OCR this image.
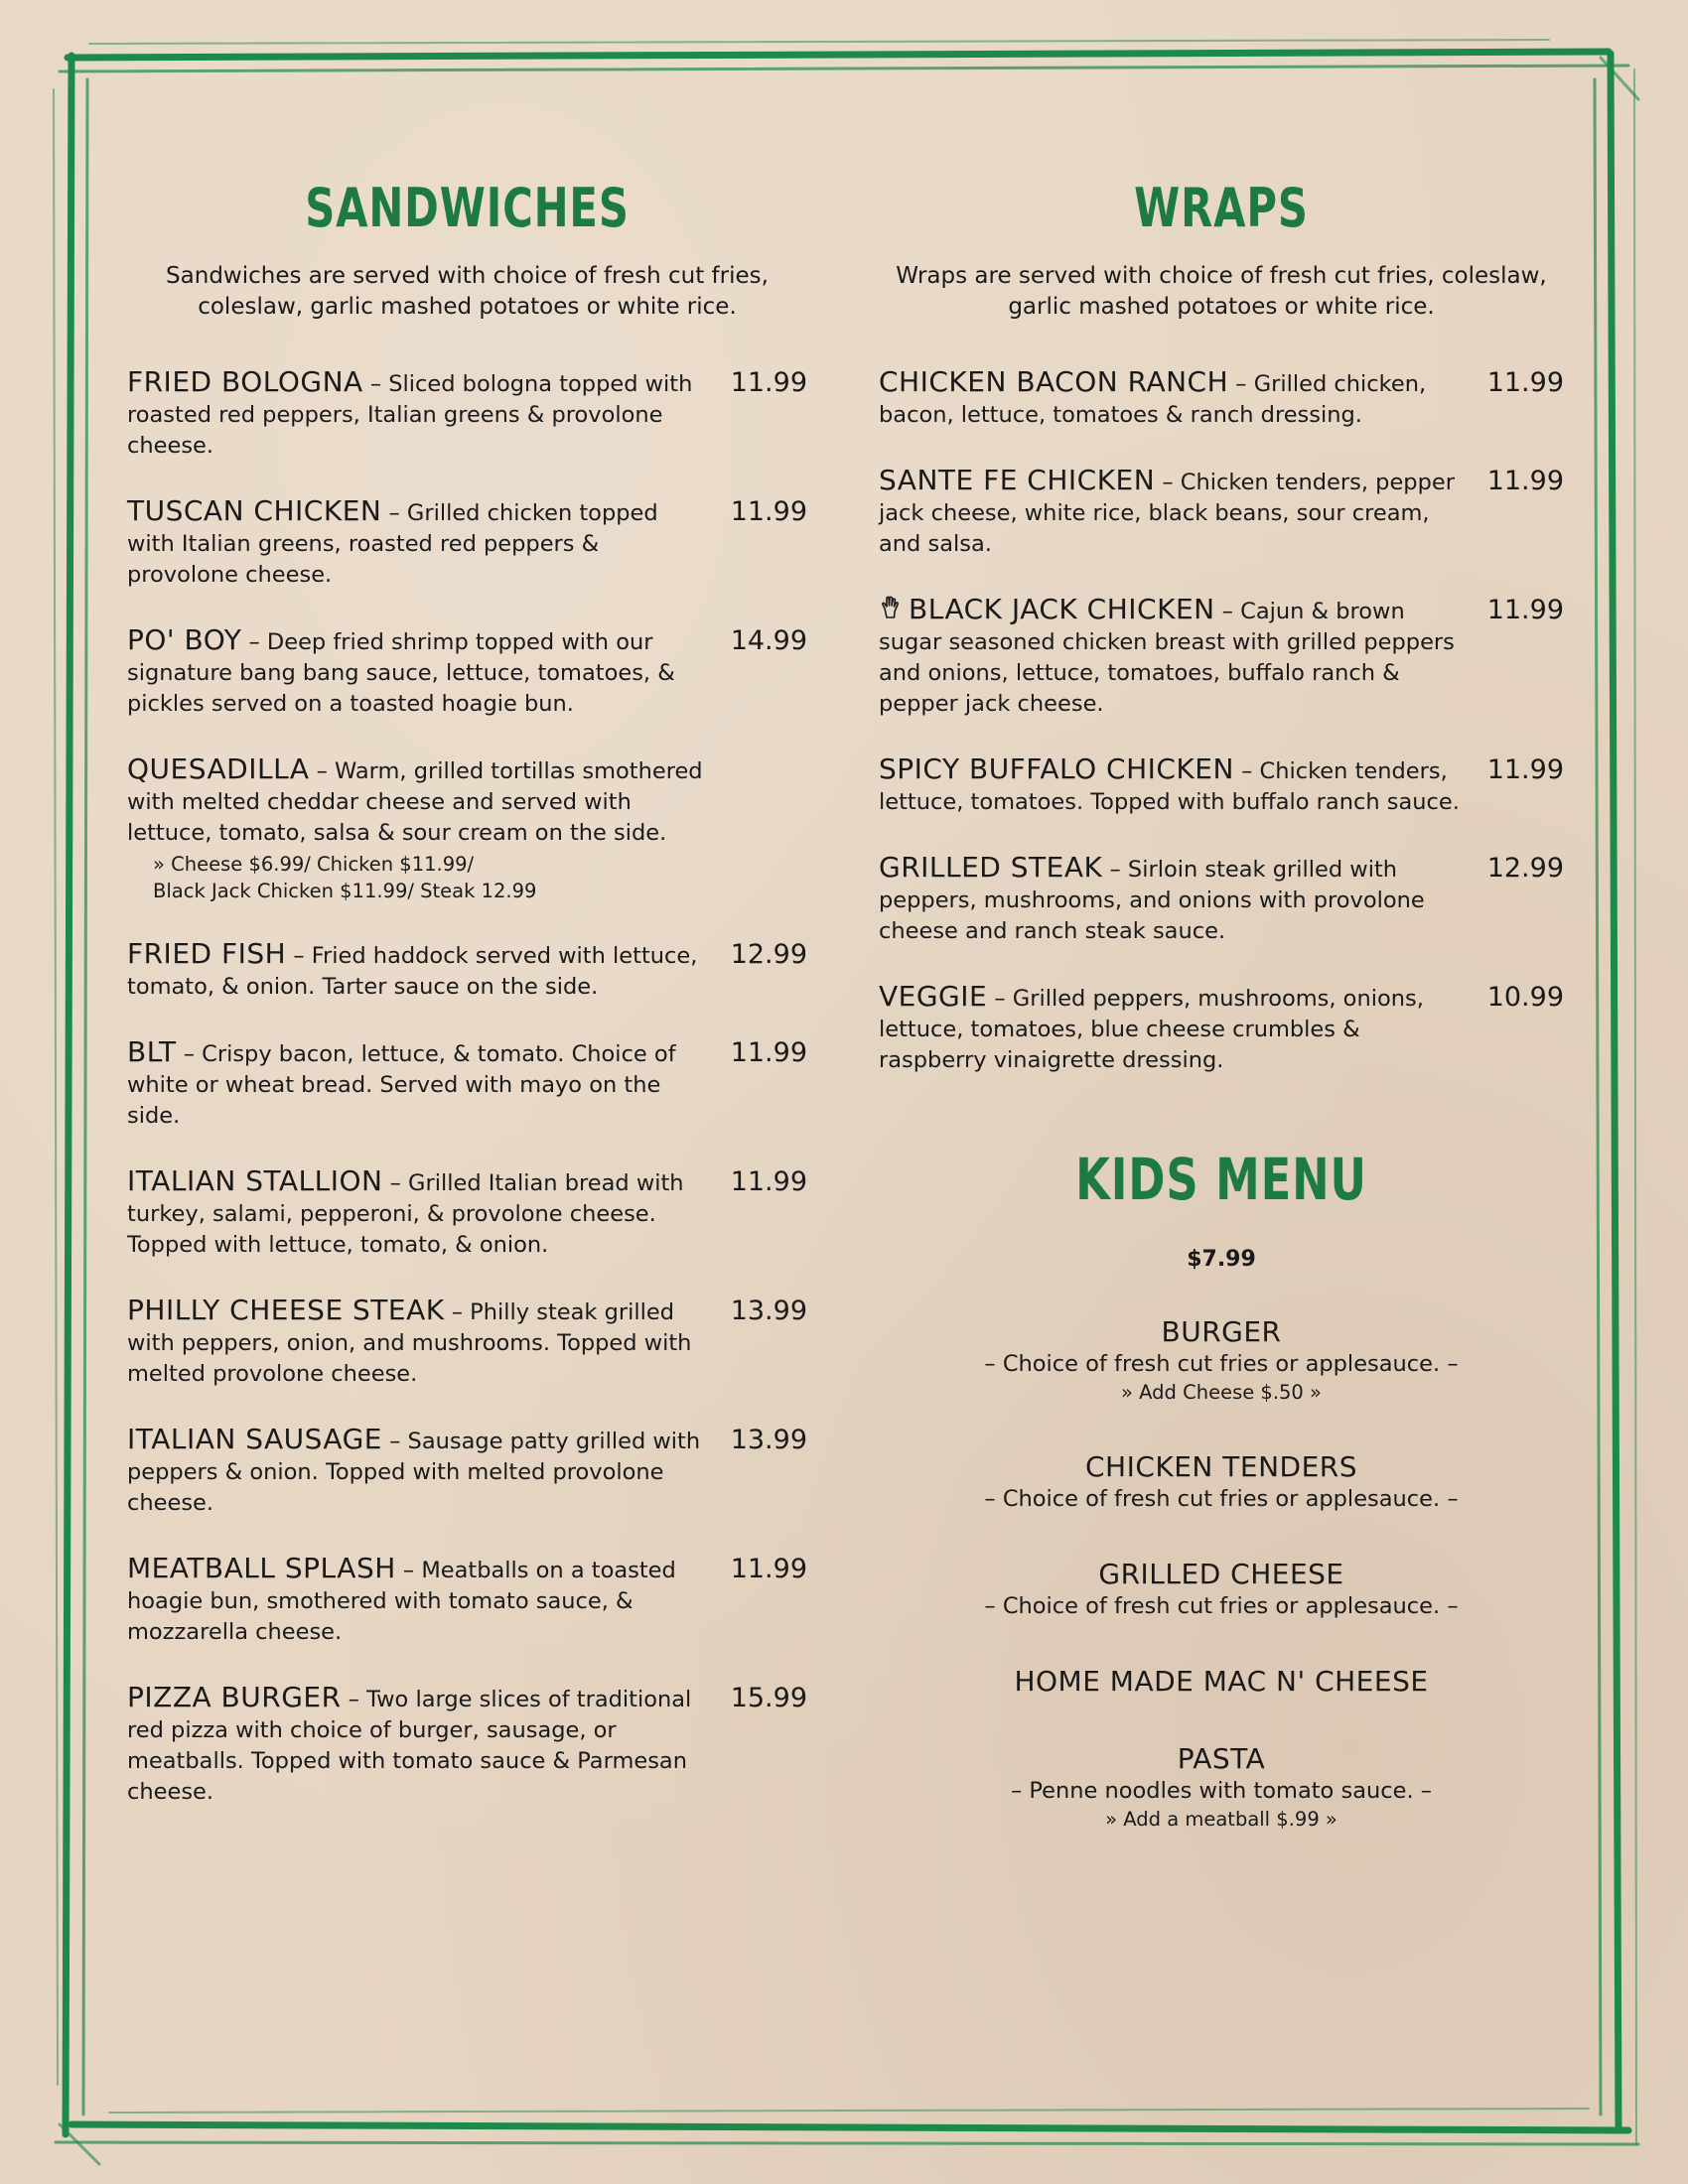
SANDWICHES

Sandwiches are served with choice of fresh cut fries, coleslaw, garlic mashed potatoes or white rice.

FRIED BOLOGNA – Sliced bologna topped with roasted red peppers, Italian greens & provolone cheese.
11.99
TUSCAN CHICKEN – Grilled chicken topped with Italian greens, roasted red peppers & provolone cheese.
11.99
PO' BOY – Deep fried shrimp topped with our signature bang bang sauce, lettuce, tomatoes, & pickles served on a toasted hoagie bun.
14.99
QUESADILLA – Warm, grilled tortillas smothered with melted cheddar cheese and served with lettuce, tomato, salsa & sour cream on the side.
» Cheese $6.99/ Chicken $11.99/
Black Jack Chicken $11.99/ Steak 12.99
FRIED FISH – Fried haddock served with lettuce, tomato, & onion. Tarter sauce on the side.
12.99
BLT – Crispy bacon, lettuce, & tomato. Choice of white or wheat bread. Served with mayo on the side.
11.99
ITALIAN STALLION – Grilled Italian bread with turkey, salami, pepperoni, & provolone cheese. Topped with lettuce, tomato, & onion.
11.99
PHILLY CHEESE STEAK – Philly steak grilled with peppers, onion, and mushrooms. Topped with melted provolone cheese.
13.99
ITALIAN SAUSAGE – Sausage patty grilled with peppers & onion. Topped with melted provolone cheese.
13.99
MEATBALL SPLASH – Meatballs on a toasted hoagie bun, smothered with tomato sauce, & mozzarella cheese.
11.99
PIZZA BURGER – Two large slices of traditional red pizza with choice of burger, sausage, or meatballs. Topped with tomato sauce & Parmesan cheese.
15.99
WRAPS

Wraps are served with choice of fresh cut fries, coleslaw, garlic mashed potatoes or white rice.

CHICKEN BACON RANCH – Grilled chicken, bacon, lettuce, tomatoes & ranch dressing.
11.99
SANTE FE CHICKEN – Chicken tenders, pepper jack cheese, white rice, black beans, sour cream, and salsa.
11.99
BLACK JACK CHICKEN – Cajun & brown sugar seasoned chicken breast with grilled peppers and onions, lettuce, tomatoes, buffalo ranch & pepper jack cheese.
11.99
SPICY BUFFALO CHICKEN – Chicken tenders, lettuce, tomatoes. Topped with buffalo ranch sauce.
11.99
GRILLED STEAK – Sirloin steak grilled with peppers, mushrooms, and onions with provolone cheese and ranch steak sauce.
12.99
VEGGIE – Grilled peppers, mushrooms, onions, lettuce, tomatoes, blue cheese crumbles & raspberry vinaigrette dressing.
10.99
KIDS MENU
$7.99
BURGER
– Choice of fresh cut fries or applesauce. –
» Add Cheese $.50 »
CHICKEN TENDERS
– Choice of fresh cut fries or applesauce. –
GRILLED CHEESE
– Choice of fresh cut fries or applesauce. –
HOME MADE MAC N' CHEESE
PASTA
– Penne noodles with tomato sauce. –
» Add a meatball $.99 »
